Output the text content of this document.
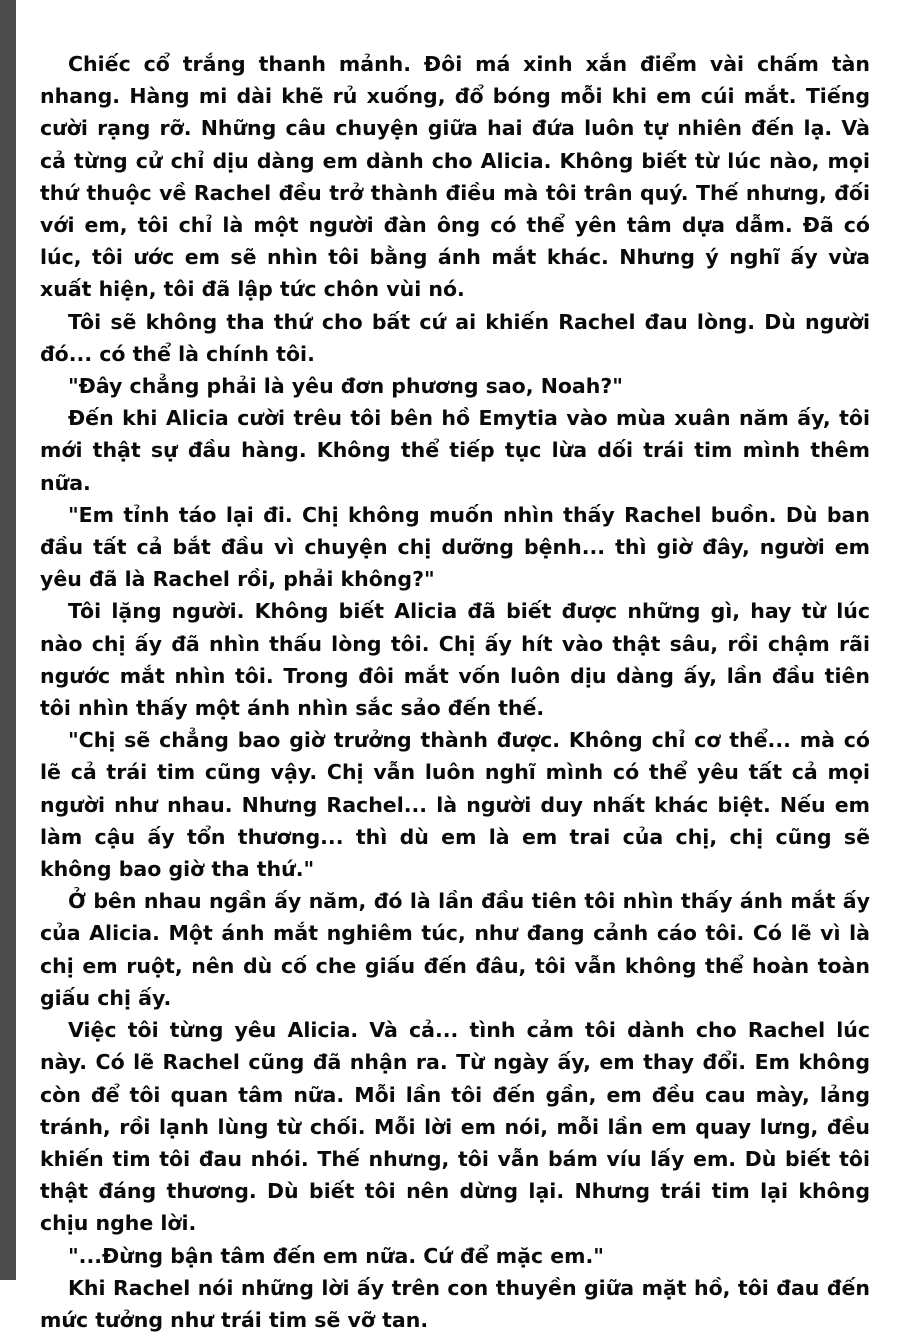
Chiếc cổ trắng thanh mảnh. Đôi má xinh xắn điểm vài chấm tàn nhang. Hàng mi dài khẽ rủ xuống, đổ bóng mỗi khi em cúi mắt. Tiếng cười rạng rỡ. Những câu chuyện giữa hai đứa luôn tự nhiên đến lạ. Và cả từng cử chỉ dịu dàng em dành cho Alicia. Không biết từ lúc nào, mọi thứ thuộc về Rachel đều trở thành điều mà tôi trân quý. Thế nhưng, đối với em, tôi chỉ là một người đàn ông có thể yên tâm dựa dẫm. Đã có lúc, tôi ước em sẽ nhìn tôi bằng ánh mắt khác. Nhưng ý nghĩ ấy vừa xuất hiện, tôi đã lập tức chôn vùi nó.

Tôi sẽ không tha thứ cho bất cứ ai khiến Rachel đau lòng. Dù người đó... có thể là chính tôi.

"Đây chẳng phải là yêu đơn phương sao, Noah?"

Đến khi Alicia cười trêu tôi bên hồ Emytia vào mùa xuân năm ấy, tôi mới thật sự đầu hàng. Không thể tiếp tục lừa dối trái tim mình thêm nữa.

"Em tỉnh táo lại đi. Chị không muốn nhìn thấy Rachel buồn. Dù ban đầu tất cả bắt đầu vì chuyện chị dưỡng bệnh... thì giờ đây, người em yêu đã là Rachel rồi, phải không?"

Tôi lặng người. Không biết Alicia đã biết được những gì, hay từ lúc nào chị ấy đã nhìn thấu lòng tôi. Chị ấy hít vào thật sâu, rồi chậm rãi ngước mắt nhìn tôi. Trong đôi mắt vốn luôn dịu dàng ấy, lần đầu tiên tôi nhìn thấy một ánh nhìn sắc sảo đến thế.

"Chị sẽ chẳng bao giờ trưởng thành được. Không chỉ cơ thể... mà có lẽ cả trái tim cũng vậy. Chị vẫn luôn nghĩ mình có thể yêu tất cả mọi người như nhau. Nhưng Rachel... là người duy nhất khác biệt. Nếu em làm cậu ấy tổn thương... thì dù em là em trai của chị, chị cũng sẽ không bao giờ tha thứ."

Ở bên nhau ngần ấy năm, đó là lần đầu tiên tôi nhìn thấy ánh mắt ấy của Alicia. Một ánh mắt nghiêm túc, như đang cảnh cáo tôi. Có lẽ vì là chị em ruột, nên dù cố che giấu đến đâu, tôi vẫn không thể hoàn toàn giấu chị ấy.

Việc tôi từng yêu Alicia. Và cả... tình cảm tôi dành cho Rachel lúc này. Có lẽ Rachel cũng đã nhận ra. Từ ngày ấy, em thay đổi. Em không còn để tôi quan tâm nữa. Mỗi lần tôi đến gần, em đều cau mày, lảng tránh, rồi lạnh lùng từ chối. Mỗi lời em nói, mỗi lần em quay lưng, đều khiến tim tôi đau nhói. Thế nhưng, tôi vẫn bám víu lấy em. Dù biết tôi thật đáng thương. Dù biết tôi nên dừng lại. Nhưng trái tim lại không chịu nghe lời.

"...Đừng bận tâm đến em nữa. Cứ để mặc em."

Khi Rachel nói những lời ấy trên con thuyền giữa mặt hồ, tôi đau đến mức tưởng như trái tim sẽ vỡ tan.
